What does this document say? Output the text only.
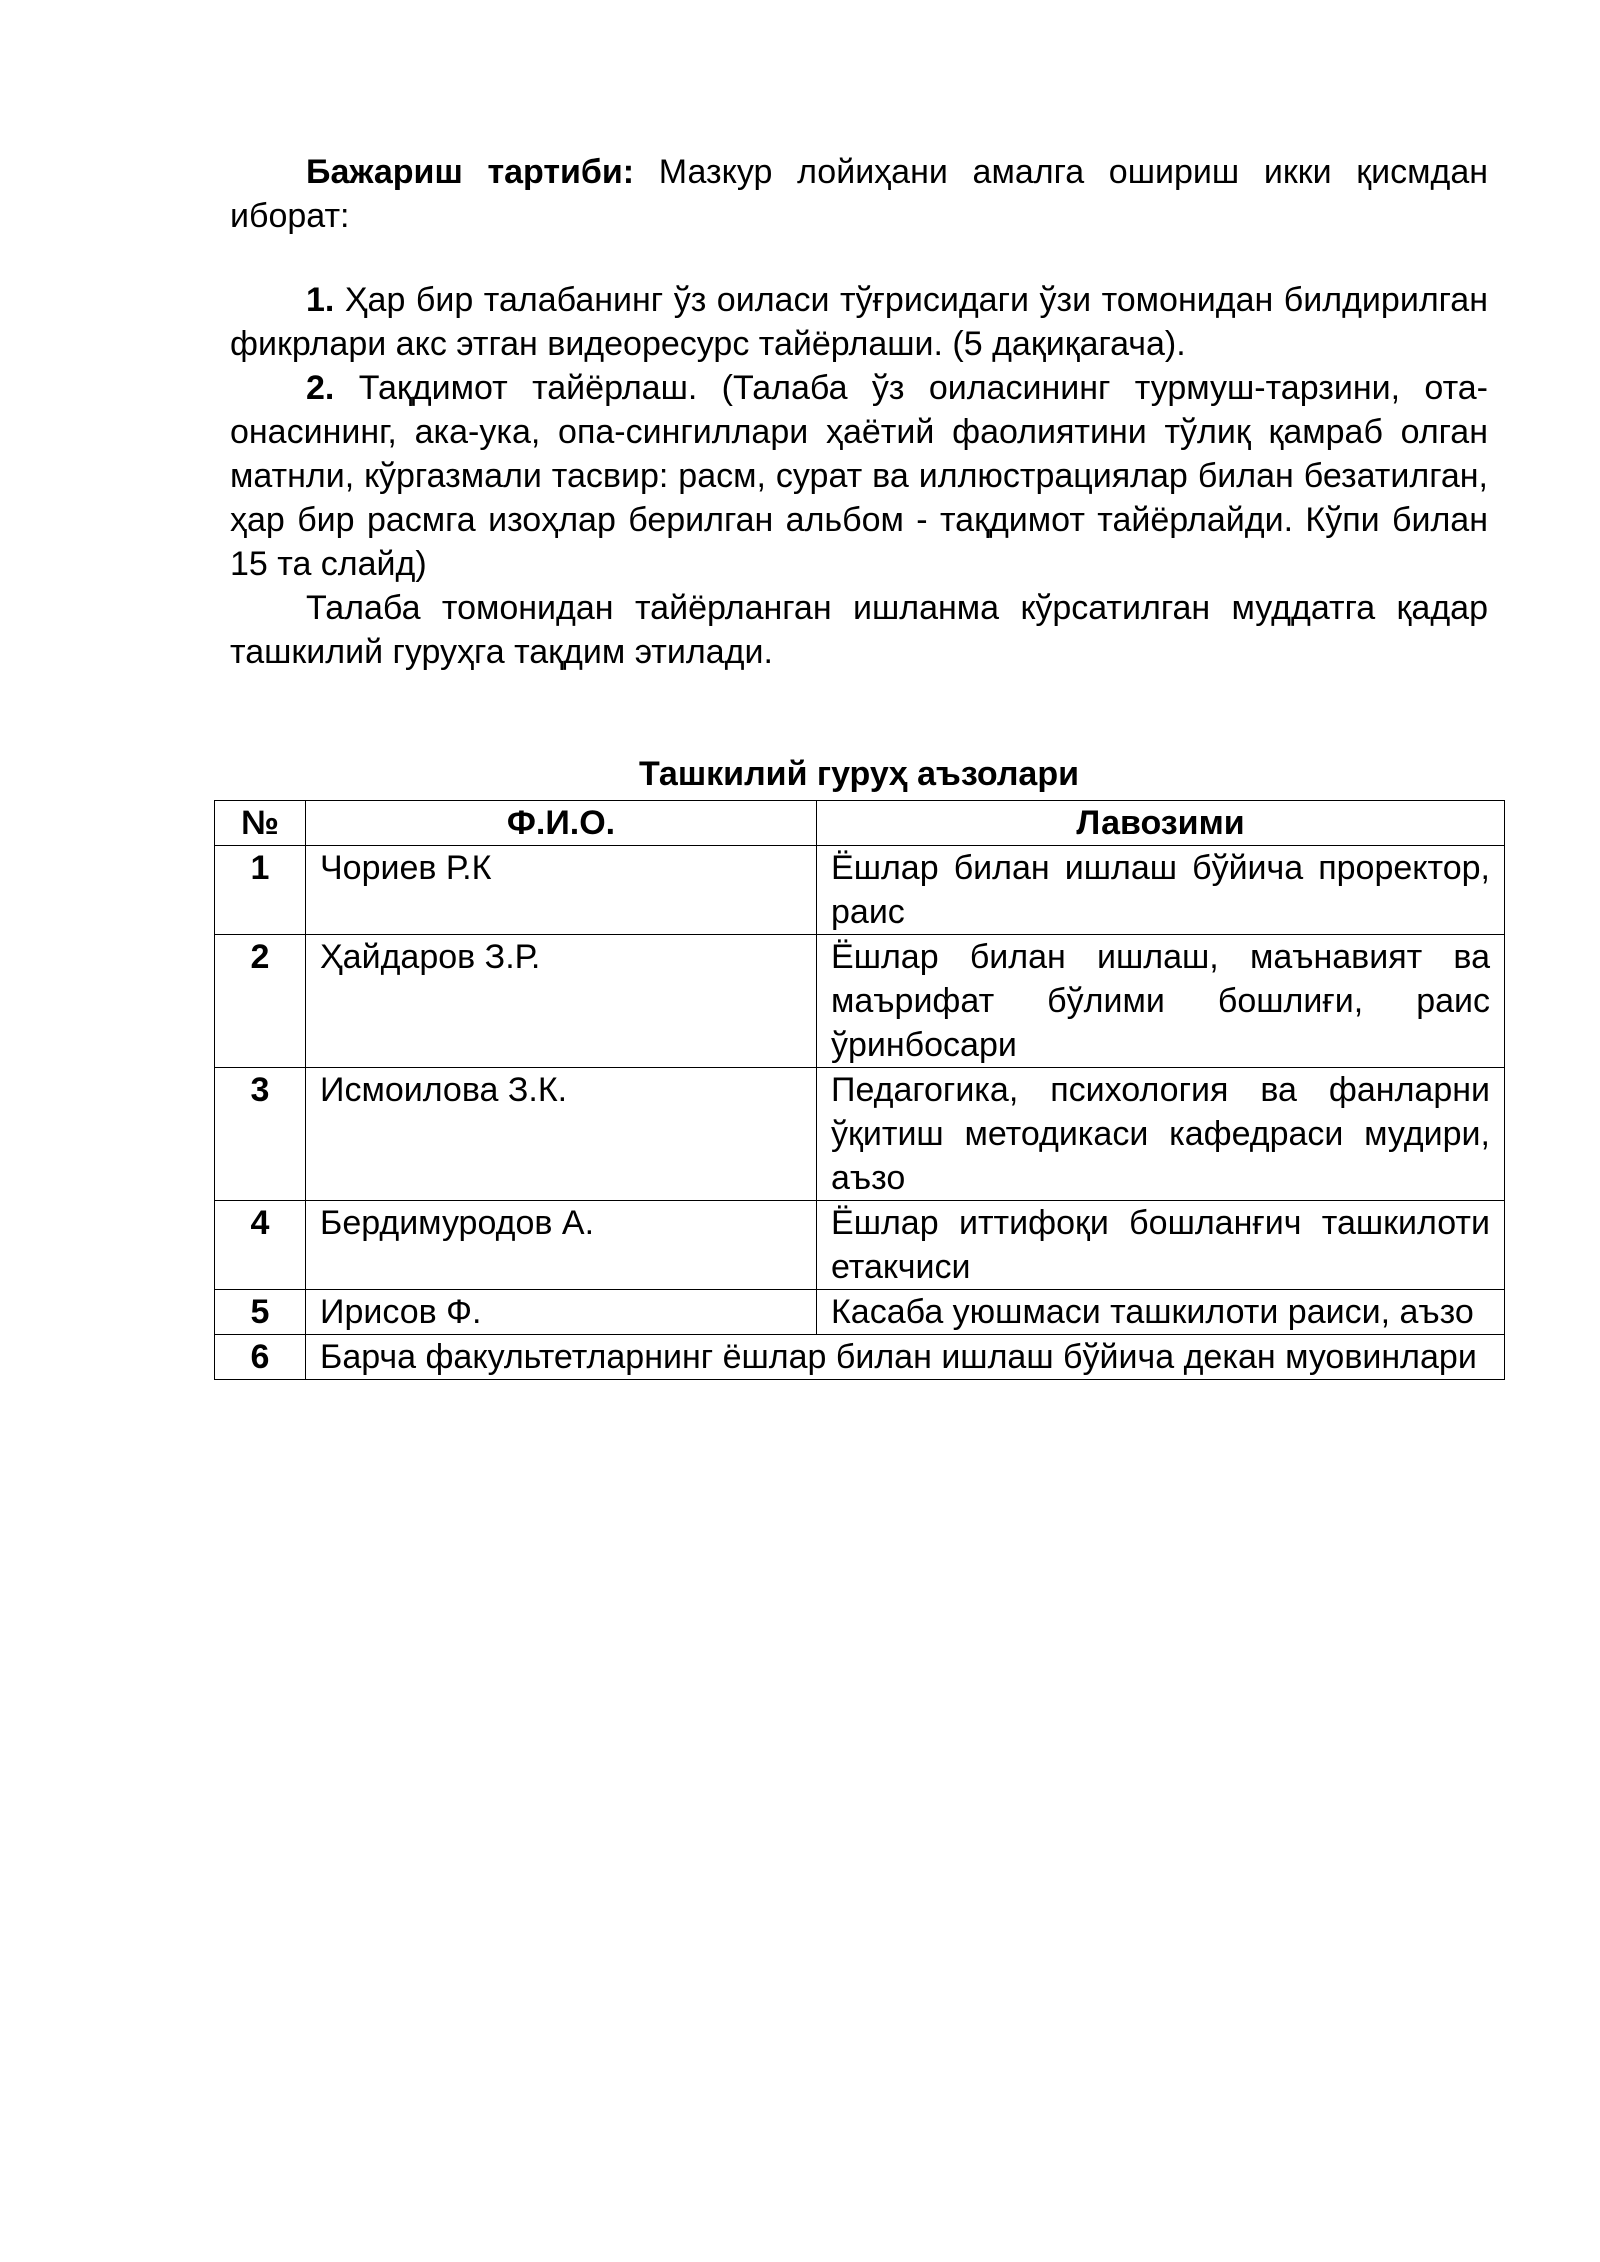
Бажариш тартиби: Мазкур лойиҳани амалга ошириш икки қисмдан иборат:

1. Ҳар бир талабанинг ўз оиласи тўғрисидаги ўзи томонидан билдирилган фикрлари акс этган видеоресурс тайёрлаши. (5 дақиқагача).

2. Тақдимот тайёрлаш. (Талаба ўз оиласининг турмуш-тарзини, ота-онасининг, ака-ука, опа-сингиллари ҳаётий фаолиятини тўлиқ қамраб олган матнли, кўргазмали тасвир: расм, сурат ва иллюстрациялар билан безатилган, ҳар бир расмга изоҳлар берилган альбом - тақдимот тайёрлайди. Кўпи билан 15 та слайд)

Талаба томонидан тайёрланган ишланма кўрсатилган муддатга қадар ташкилий гуруҳга тақдим этилади.

Ташкилий гуруҳ аъзолари
№	Ф.И.О.	Лавозими
1	Чориев Р.К	Ёшлар билан ишлаш бўйича проректор, раис
2	Ҳайдаров З.Р.	Ёшлар билан ишлаш, маънавият ва маърифат бўлими бошлиғи, раис ўринбосари
3	Исмоилова З.К.	Педагогика, психология ва фанларни ўқитиш методикаси кафедраси мудири, аъзо
4	Бердимуродов А.	Ёшлар иттифоқи бошланғич ташкилоти етакчиси
5	Ирисов Ф.	Касаба уюшмаси ташкилоти раиси, аъзо
6	Барча факультетларнинг ёшлар билан ишлаш бўйича декан муовинлари	
